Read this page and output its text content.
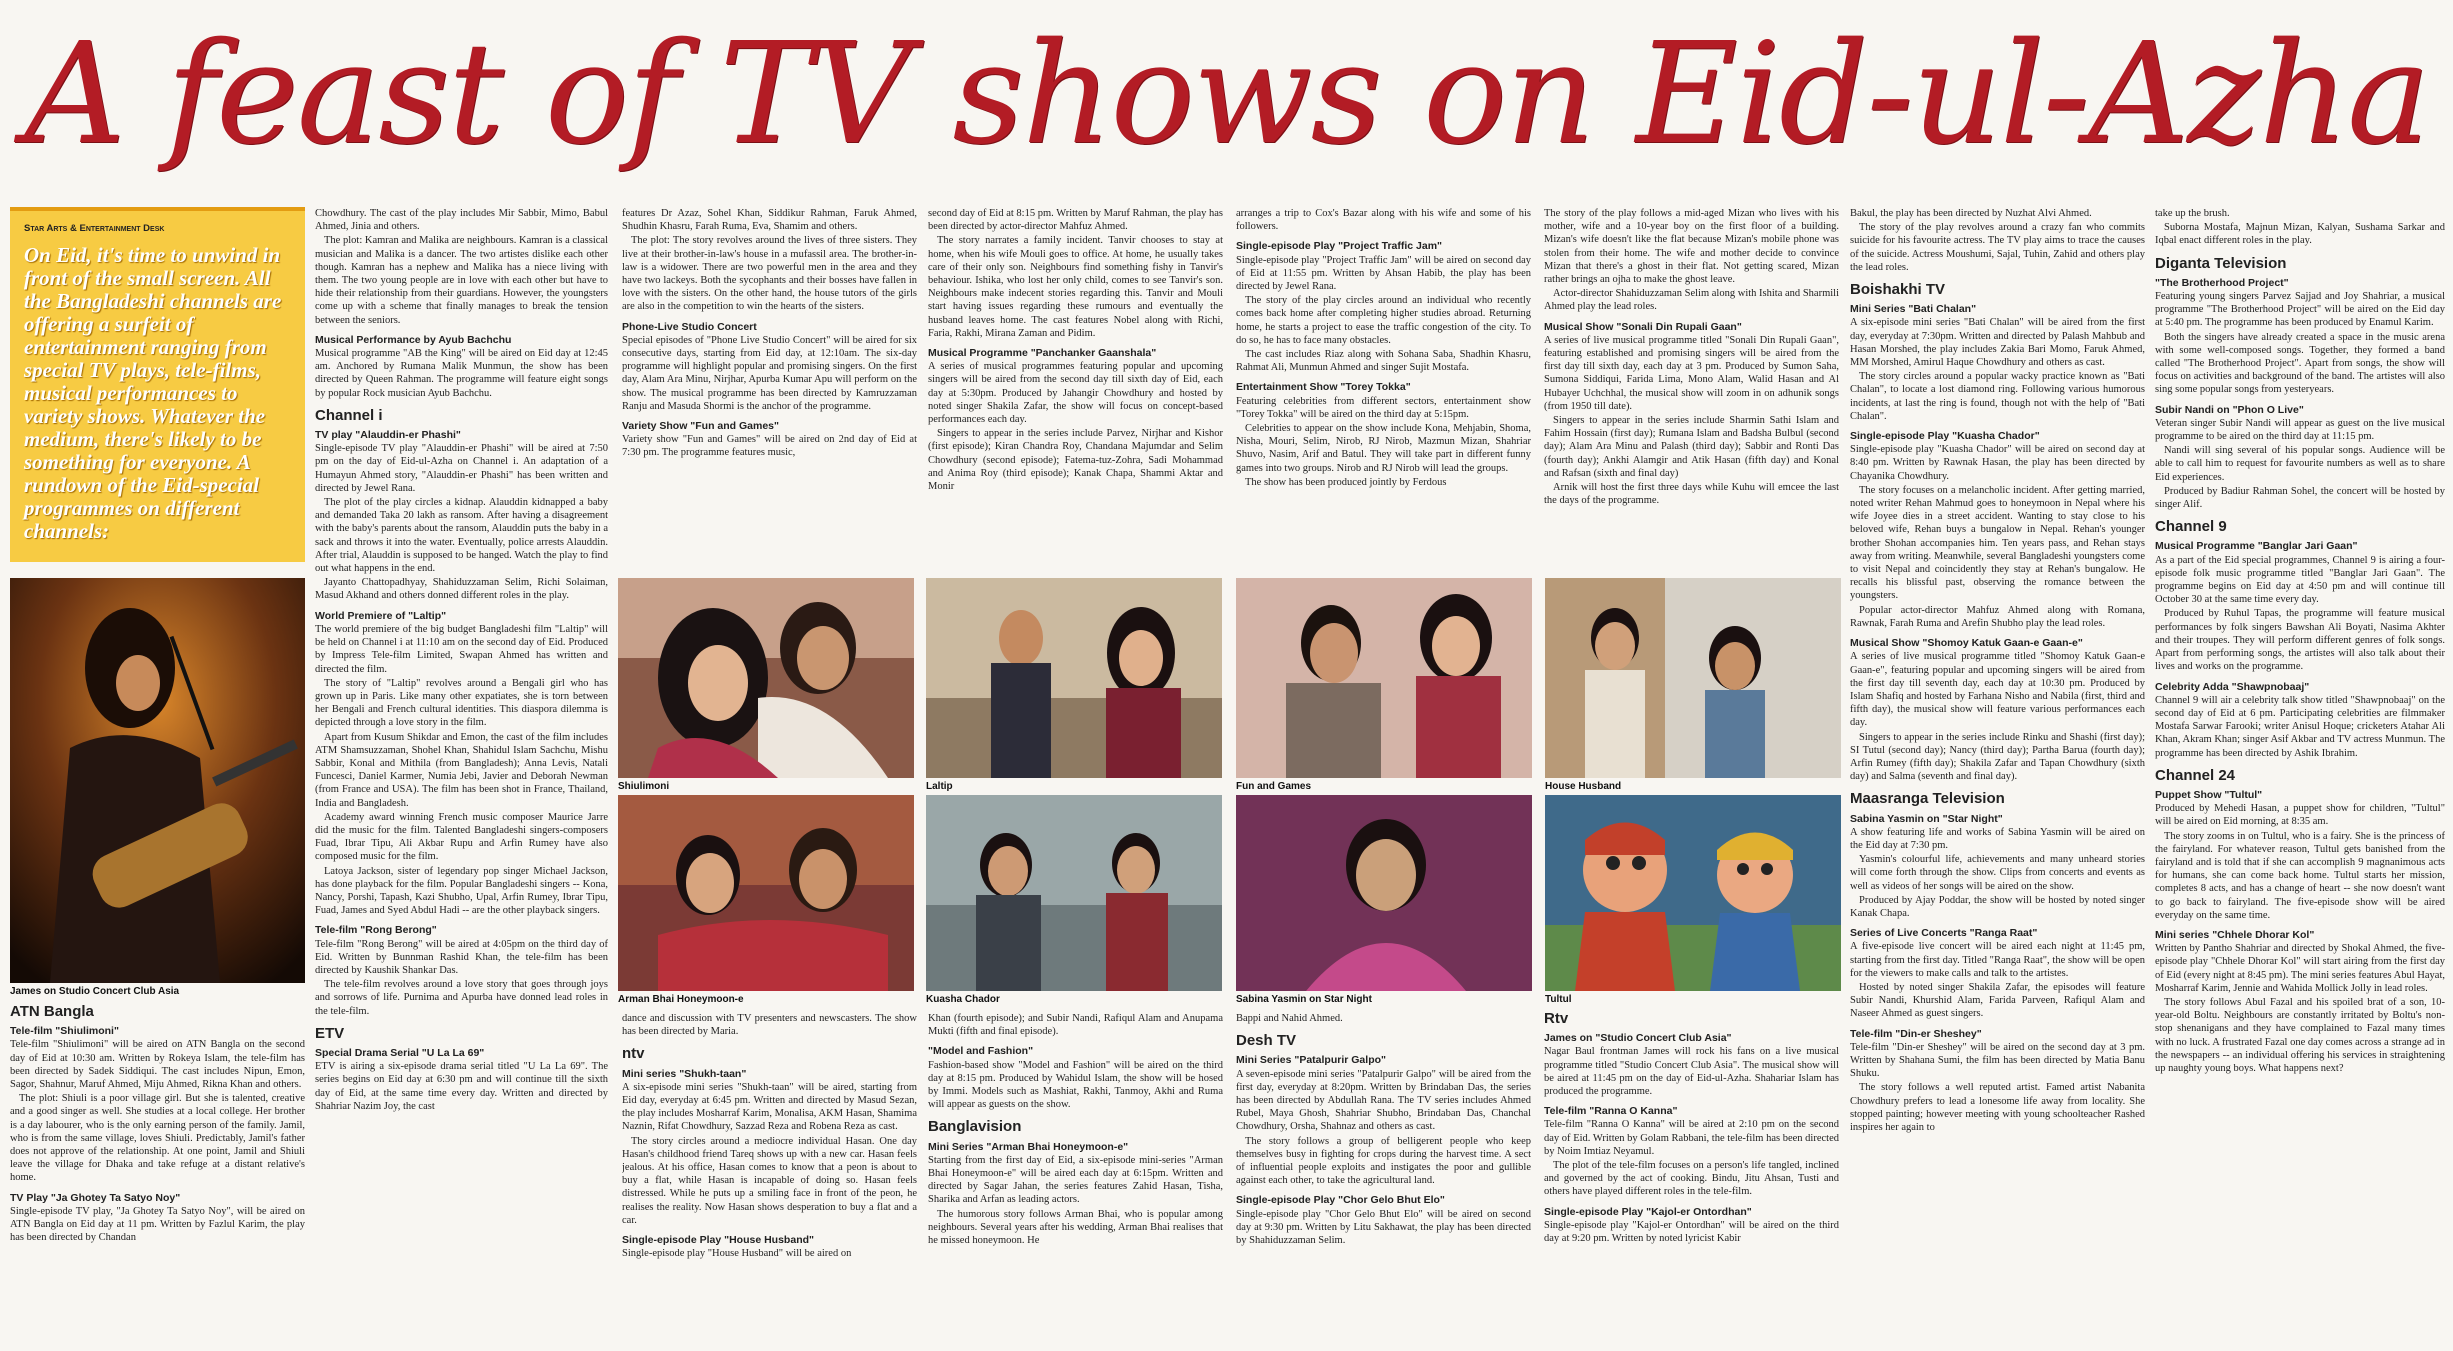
A feast of TV shows on Eid-ul-Azha
Star Arts & Entertainment Desk
On Eid, it's time to unwind in front of the small screen. All the Bangladeshi channels are offering a surfeit of entertainment ranging from special TV plays, tele-films, musical performances to variety shows. Whatever the medium, there's likely to be something for everyone. A rundown of the Eid-special programmes on different channels:
James on Studio Concert Club Asia
Shiulimoni	Laltip	Fun and Games	House Husband
Arman Bhai Honeymoon-e	Kuasha Chador	Sabina Yasmin on Star Night	Tultul
ATN Bangla
Tele-film "Shiulimoni"

Tele-film "Shiulimoni" will be aired on ATN Bangla on the second day of Eid at 10:30 am. Written by Rokeya Islam, the tele-film has been directed by Sadek Siddiqui. The cast includes Nipun, Emon, Sagor, Shahnur, Maruf Ahmed, Miju Ahmed, Rikna Khan and others.

The plot: Shiuli is a poor village girl. But she is talented, creative and a good singer as well. She studies at a local college. Her brother is a day labourer, who is the only earning person of the family. Jamil, who is from the same village, loves Shiuli. Predictably, Jamil's father does not approve of the relationship. At one point, Jamil and Shiuli leave the village for Dhaka and take refuge at a distant relative's home.

TV Play "Ja Ghotey Ta Satyo Noy"

Single-episode TV play, "Ja Ghotey Ta Satyo Noy", will be aired on ATN Bangla on Eid day at 11 pm. Written by Fazlul Karim, the play has been directed by Chandan

Chowdhury. The cast of the play includes Mir Sabbir, Mimo, Babul Ahmed, Jinia and others.

The plot: Kamran and Malika are neighbours. Kamran is a classical musician and Malika is a dancer. The two artistes dislike each other though. Kamran has a nephew and Malika has a niece living with them. The two young people are in love with each other but have to hide their relationship from their guardians. However, the youngsters come up with a scheme that finally manages to break the tension between the seniors.

Musical Performance by Ayub Bachchu

Musical programme "AB the King" will be aired on Eid day at 12:45 am. Anchored by Rumana Malik Munmun, the show has been directed by Queen Rahman. The programme will feature eight songs by popular Rock musician Ayub Bachchu.

Channel i
TV play "Alauddin-er Phashi"

Single-episode TV play "Alauddin-er Phashi" will be aired at 7:50 pm on the day of Eid-ul-Azha on Channel i. An adaptation of a Humayun Ahmed story, "Alauddin-er Phashi" has been written and directed by Jewel Rana.

The plot of the play circles a kidnap. Alauddin kidnapped a baby and demanded Taka 20 lakh as ransom. After having a disagreement with the baby's parents about the ransom, Alauddin puts the baby in a sack and throws it into the water. Eventually, police arrests Alauddin. After trial, Alauddin is supposed to be hanged. Watch the play to find out what happens in the end.

Jayanto Chattopadhyay, Shahiduzzaman Selim, Richi Solaiman, Masud Akhand and others donned different roles in the play.

World Premiere of "Laltip"

The world premiere of the big budget Bangladeshi film "Laltip" will be held on Channel i at 11:10 am on the second day of Eid. Produced by Impress Tele-film Limited, Swapan Ahmed has written and directed the film.

The story of "Laltip" revolves around a Bengali girl who has grown up in Paris. Like many other expatiates, she is torn between her Bengali and French cultural identities. This diaspora dilemma is depicted through a love story in the film.

Apart from Kusum Shikdar and Emon, the cast of the film includes ATM Shamsuzzaman, Shohel Khan, Shahidul Islam Sachchu, Mishu Sabbir, Konal and Mithila (from Bangladesh); Anna Levis, Natali Funcesci, Daniel Karmer, Numia Jebi, Javier and Deborah Newman (from France and USA). The film has been shot in France, Thailand, India and Bangladesh.

Academy award winning French music composer Maurice Jarre did the music for the film. Talented Bangladeshi singers-composers Fuad, Ibrar Tipu, Ali Akbar Rupu and Arfin Rumey have also composed music for the film.

Latoya Jackson, sister of legendary pop singer Michael Jackson, has done playback for the film. Popular Bangladeshi singers -- Kona, Nancy, Porshi, Tapash, Kazi Shubho, Upal, Arfin Rumey, Ibrar Tipu, Fuad, James and Syed Abdul Hadi -- are the other playback singers.

Tele-film "Rong Berong"

Tele-film "Rong Berong" will be aired at 4:05pm on the third day of Eid. Written by Bunnman Rashid Khan, the tele-film has been directed by Kaushik Shankar Das.

The tele-film revolves around a love story that goes through joys and sorrows of life. Purnima and Apurba have donned lead roles in the tele-film.

ETV
Special Drama Serial "U La La 69"

ETV is airing a six-episode drama serial titled "U La La 69". The series begins on Eid day at 6:30 pm and will continue till the sixth day of Eid, at the same time every day. Written and directed by Shahriar Nazim Joy, the cast

features Dr Azaz, Sohel Khan, Siddikur Rahman, Faruk Ahmed, Shudhin Khasru, Farah Ruma, Eva, Shamim and others.

The plot: The story revolves around the lives of three sisters. They live at their brother-in-law's house in a mufassil area. The brother-in-law is a widower. There are two powerful men in the area and they have two lackeys. Both the sycophants and their bosses have fallen in love with the sisters. On the other hand, the house tutors of the girls are also in the competition to win the hearts of the sisters.

Phone-Live Studio Concert

Special episodes of "Phone Live Studio Concert" will be aired for six consecutive days, starting from Eid day, at 12:10am. The six-day programme will highlight popular and promising singers. On the first day, Alam Ara Minu, Nirjhar, Apurba Kumar Apu will perform on the show. The musical programme has been directed by Kamruzzaman Ranju and Masuda Shormi is the anchor of the programme.

Variety Show "Fun and Games"

Variety show "Fun and Games" will be aired on 2nd day of Eid at 7:30 pm. The programme features music,

dance and discussion with TV presenters and newscasters. The show has been directed by Maria.

ntv
Mini series "Shukh-taan"

A six-episode mini series "Shukh-taan" will be aired, starting from Eid day, everyday at 6:45 pm. Written and directed by Masud Sezan, the play includes Mosharraf Karim, Monalisa, AKM Hasan, Shamima Naznin, Rifat Chowdhury, Sazzad Reza and Robena Reza as cast.

The story circles around a mediocre individual Hasan. One day Hasan's childhood friend Tareq shows up with a new car. Hasan feels jealous. At his office, Hasan comes to know that a peon is about to buy a flat, while Hasan is incapable of doing so. Hasan feels distressed. While he puts up a smiling face in front of the peon, he realises the reality. Now Hasan shows desperation to buy a flat and a car.

Single-episode Play "House Husband"

Single-episode play "House Husband" will be aired on

second day of Eid at 8:15 pm. Written by Maruf Rahman, the play has been directed by actor-director Mahfuz Ahmed.

The story narrates a family incident. Tanvir chooses to stay at home, when his wife Mouli goes to office. At home, he usually takes care of their only son. Neighbours find something fishy in Tanvir's behaviour. Ishika, who lost her only child, comes to see Tanvir's son. Neighbours make indecent stories regarding this. Tanvir and Mouli start having issues regarding these rumours and eventually the husband leaves home. The cast features Nobel along with Richi, Faria, Rakhi, Mirana Zaman and Pidim.

Musical Programme "Panchanker Gaanshala"

A series of musical programmes featuring popular and upcoming singers will be aired from the second day till sixth day of Eid, each day at 5:30pm. Produced by Jahangir Chowdhury and hosted by noted singer Shakila Zafar, the show will focus on concept-based performances each day.

Singers to appear in the series include Parvez, Nirjhar and Kishor (first episode); Kiran Chandra Roy, Chandana Majumdar and Selim Chowdhury (second episode); Fatema-tuz-Zohra, Sadi Mohammad and Anima Roy (third episode); Kanak Chapa, Shammi Aktar and Monir

Khan (fourth episode); and Subir Nandi, Rafiqul Alam and Anupama Mukti (fifth and final episode).

"Model and Fashion"

Fashion-based show "Model and Fashion" will be aired on the third day at 8:15 pm. Produced by Wahidul Islam, the show will be hosed by Immi. Models such as Mashiat, Rakhi, Tanmoy, Akhi and Ruma will appear as guests on the show.

Banglavision
Mini Series "Arman Bhai Honeymoon-e"

Starting from the first day of Eid, a six-episode mini-series "Arman Bhai Honeymoon-e" will be aired each day at 6:15pm. Written and directed by Sagar Jahan, the series features Zahid Hasan, Tisha, Sharika and Arfan as leading actors.

The humorous story follows Arman Bhai, who is popular among neighbours. Several years after his wedding, Arman Bhai realises that he missed honeymoon. He

arranges a trip to Cox's Bazar along with his wife and some of his followers.

Single-episode Play "Project Traffic Jam"

Single-episode play "Project Traffic Jam" will be aired on second day of Eid at 11:55 pm. Written by Ahsan Habib, the play has been directed by Jewel Rana.

The story of the play circles around an individual who recently comes back home after completing higher studies abroad. Returning home, he starts a project to ease the traffic congestion of the city. To do so, he has to face many obstacles.

The cast includes Riaz along with Sohana Saba, Shadhin Khasru, Rahmat Ali, Munmun Ahmed and singer Sujit Mostafa.

Entertainment Show "Torey Tokka"

Featuring celebrities from different sectors, entertainment show "Torey Tokka" will be aired on the third day at 5:15pm.

Celebrities to appear on the show include Kona, Mehjabin, Shoma, Nisha, Mouri, Selim, Nirob, RJ Nirob, Mazmun Mizan, Shahriar Shuvo, Nasim, Arif and Batul. They will take part in different funny games into two groups. Nirob and RJ Nirob will lead the groups.

The show has been produced jointly by Ferdous

Bappi and Nahid Ahmed.

Desh TV
Mini Series "Patalpurir Galpo"

A seven-episode mini series "Patalpurir Galpo" will be aired from the first day, everyday at 8:20pm. Written by Brindaban Das, the series has been directed by Abdullah Rana. The TV series includes Ahmed Rubel, Maya Ghosh, Shahriar Shubho, Brindaban Das, Chanchal Chowdhury, Orsha, Shahnaz and others as cast.

The story follows a group of belligerent people who keep themselves busy in fighting for crops during the harvest time. A sect of influential people exploits and instigates the poor and gullible against each other, to take the agricultural land.

Single-episode Play "Chor Gelo Bhut Elo"

Single-episode play "Chor Gelo Bhut Elo" will be aired on second day at 9:30 pm. Written by Litu Sakhawat, the play has been directed by Shahiduzzaman Selim.

The story of the play follows a mid-aged Mizan who lives with his mother, wife and a 10-year boy on the first floor of a building. Mizan's wife doesn't like the flat because Mizan's mobile phone was stolen from their home. The wife and mother decide to convince Mizan that there's a ghost in their flat. Not getting scared, Mizan rather brings an ojha to make the ghost leave.

Actor-director Shahiduzzaman Selim along with Ishita and Sharmili Ahmed play the lead roles.

Musical Show "Sonali Din Rupali Gaan"

A series of live musical programme titled "Sonali Din Rupali Gaan", featuring established and promising singers will be aired from the first day till sixth day, each day at 3 pm. Produced by Sumon Saha, Sumona Siddiqui, Farida Lima, Mono Alam, Walid Hasan and Al Hubayer Uchchhal, the musical show will zoom in on adhunik songs (from 1950 till date).

Singers to appear in the series include Sharmin Sathi Islam and Fahim Hossain (first day); Rumana Islam and Badsha Bulbul (second day); Alam Ara Minu and Palash (third day); Sabbir and Ronti Das (fourth day); Ankhi Alamgir and Atik Hasan (fifth day) and Konal and Rafsan (sixth and final day)

Arnik will host the first three days while Kuhu will emcee the last the days of the programme.

Rtv
James on "Studio Concert Club Asia"

Nagar Baul frontman James will rock his fans on a live musical programme titled "Studio Concert Club Asia". The musical show will be aired at 11:45 pm on the day of Eid-ul-Azha. Shahariar Islam has produced the programme.

Tele-film "Ranna O Kanna"

Tele-film "Ranna O Kanna" will be aired at 2:10 pm on the second day of Eid. Written by Golam Rabbani, the tele-film has been directed by Noim Imtiaz Neyamul.

The plot of the tele-film focuses on a person's life tangled, inclined and governed by the act of cooking. Bindu, Jitu Ahsan, Tusti and others have played different roles in the tele-film.

Single-episode Play "Kajol-er Ontordhan"

Single-episode play "Kajol-er Ontordhan" will be aired on the third day at 9:20 pm. Written by noted lyricist Kabir

Bakul, the play has been directed by Nuzhat Alvi Ahmed.

The story of the play revolves around a crazy fan who commits suicide for his favourite actress. The TV play aims to trace the causes of the suicide. Actress Moushumi, Sajal, Tuhin, Zahid and others play the lead roles.

Boishakhi TV
Mini Series "Bati Chalan"

A six-episode mini series "Bati Chalan" will be aired from the first day, everyday at 7:30pm. Written and directed by Palash Mahbub and Hasan Morshed, the play includes Zakia Bari Momo, Faruk Ahmed, MM Morshed, Amirul Haque Chowdhury and others as cast.

The story circles around a popular wacky practice known as "Bati Chalan", to locate a lost diamond ring. Following various humorous incidents, at last the ring is found, though not with the help of "Bati Chalan".

Single-episode Play "Kuasha Chador"

Single-episode play "Kuasha Chador" will be aired on second day at 8:40 pm. Written by Rawnak Hasan, the play has been directed by Chayanika Chowdhury.

The story focuses on a melancholic incident. After getting married, noted writer Rehan Mahmud goes to honeymoon in Nepal where his wife Joyee dies in a street accident. Wanting to stay close to his beloved wife, Rehan buys a bungalow in Nepal. Rehan's younger brother Shohan accompanies him. Ten years pass, and Rehan stays away from writing. Meanwhile, several Bangladeshi youngsters come to visit Nepal and coincidently they stay at Rehan's bungalow. He recalls his blissful past, observing the romance between the youngsters.

Popular actor-director Mahfuz Ahmed along with Romana, Rawnak, Farah Ruma and Arefin Shubho play the lead roles.

Musical Show "Shomoy Katuk Gaan-e Gaan-e"

A series of live musical programme titled "Shomoy Katuk Gaan-e Gaan-e", featuring popular and upcoming singers will be aired from the first day till seventh day, each day at 10:30 pm. Produced by Islam Shafiq and hosted by Farhana Nisho and Nabila (first, third and fifth day), the musical show will feature various performances each day.

Singers to appear in the series include Rinku and Shashi (first day); SI Tutul (second day); Nancy (third day); Partha Barua (fourth day); Arfin Rumey (fifth day); Shakila Zafar and Tapan Chowdhury (sixth day) and Salma (seventh and final day).

Maasranga Television
Sabina Yasmin on "Star Night"

A show featuring life and works of Sabina Yasmin will be aired on the Eid day at 7:30 pm.

Yasmin's colourful life, achievements and many unheard stories will come forth through the show. Clips from concerts and events as well as videos of her songs will be aired on the show.

Produced by Ajay Poddar, the show will be hosted by noted singer Kanak Chapa.

Series of Live Concerts "Ranga Raat"

A five-episode live concert will be aired each night at 11:45 pm, starting from the first day. Titled "Ranga Raat", the show will be open for the viewers to make calls and talk to the artistes.

Hosted by noted singer Shakila Zafar, the episodes will feature Subir Nandi, Khurshid Alam, Farida Parveen, Rafiqul Alam and Naseer Ahmed as guest singers.

Tele-film "Din-er Sheshey"

Tele-film "Din-er Sheshey" will be aired on the second day at 3 pm. Written by Shahana Sumi, the film has been directed by Matia Banu Shuku.

The story follows a well reputed artist. Famed artist Nabanita Chowdhury prefers to lead a lonesome life away from locality. She stopped painting; however meeting with young schoolteacher Rashed inspires her again to

take up the brush.

Suborna Mostafa, Majnun Mizan, Kalyan, Sushama Sarkar and Iqbal enact different roles in the play.

Diganta Television
"The Brotherhood Project"

Featuring young singers Parvez Sajjad and Joy Shahriar, a musical programme "The Brotherhood Project" will be aired on the Eid day at 5:40 pm. The programme has been produced by Enamul Karim.

Both the singers have already created a space in the music arena with some well-composed songs. Together, they formed a band called "The Brotherhood Project". Apart from songs, the show will focus on activities and background of the band. The artistes will also sing some popular songs from yesteryears.

Subir Nandi on "Phon O Live"

Veteran singer Subir Nandi will appear as guest on the live musical programme to be aired on the third day at 11:15 pm.

Nandi will sing several of his popular songs. Audience will be able to call him to request for favourite numbers as well as to share Eid experiences.

Produced by Badiur Rahman Sohel, the concert will be hosted by singer Alif.

Channel 9
Musical Programme "Banglar Jari Gaan"

As a part of the Eid special programmes, Channel 9 is airing a four-episode folk music programme titled "Banglar Jari Gaan". The programme begins on Eid day at 4:50 pm and will continue till October 30 at the same time every day.

Produced by Ruhul Tapas, the programme will feature musical performances by folk singers Bawshan Ali Boyati, Nasima Akhter and their troupes. They will perform different genres of folk songs. Apart from performing songs, the artistes will also talk about their lives and works on the programme.

Celebrity Adda "Shawpnobaaj"

Channel 9 will air a celebrity talk show titled "Shawpnobaaj" on the second day of Eid at 6 pm. Participating celebrities are filmmaker Mostafa Sarwar Farooki; writer Anisul Hoque; cricketers Atahar Ali Khan, Akram Khan; singer Asif Akbar and TV actress Munmun. The programme has been directed by Ashik Ibrahim.

Channel 24
Puppet Show "Tultul"

Produced by Mehedi Hasan, a puppet show for children, "Tultul" will be aired on Eid morning, at 8:35 am.

The story zooms in on Tultul, who is a fairy. She is the princess of the fairyland. For whatever reason, Tultul gets banished from the fairyland and is told that if she can accomplish 9 magnanimous acts for humans, she can come back home. Tultul starts her mission, completes 8 acts, and has a change of heart -- she now doesn't want to go back to fairyland. The five-episode show will be aired everyday on the same time.

Mini series "Chhele Dhorar Kol"

Written by Panthо Shahriar and directed by Shokal Ahmed, the five-episode play "Chhele Dhorar Kol" will start airing from the first day of Eid (every night at 8:45 pm). The mini series features Abul Hayat, Mosharraf Karim, Jennie and Wahida Mollick Jolly in lead roles.

The story follows Abul Fazal and his spoiled brat of a son, 10-year-old Boltu. Neighbours are constantly irritated by Boltu's non-stop shenanigans and they have complained to Fazal many times with no luck. A frustrated Fazal one day comes across a strange ad in the newspapers -- an individual offering his services in straightening up naughty young boys. What happens next?
